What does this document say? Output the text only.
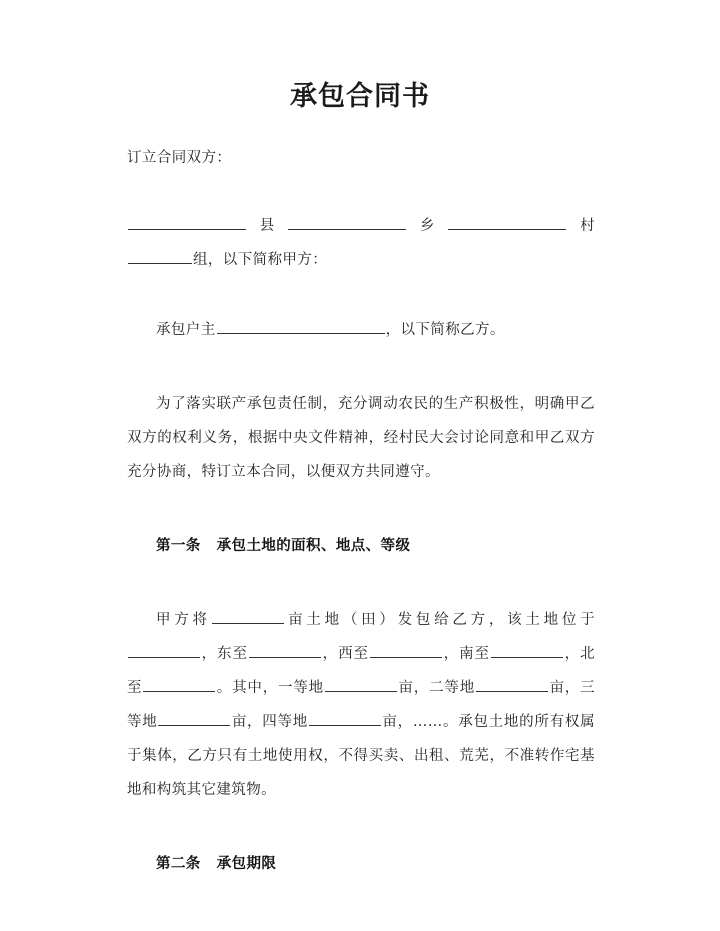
承包合同书

订立合同双方：

县	乡	村组，以下简称甲方：

承包户主	，以下简称乙方。

为了落实联产承包责任制，充分调动农民的生产积极性，明确甲乙双方的权利义务，根据中央文件精神，经村民大会讨论同意和甲乙双方充分协商，特订立本合同，以便双方共同遵守。

第一条 承包土地的面积、地点、等级

甲方将	亩土地（田）发包给乙方，该土地位于，东至	，西至	，南至	，北至	。其中，一等地	亩，二等地	亩，三等地	亩，四等地	亩，……。承包土地的所有权属于集体，乙方只有土地使用权，不得买卖、出租、荒芜，不准转作宅基地和构筑其它建筑物。

第二条 承包期限
